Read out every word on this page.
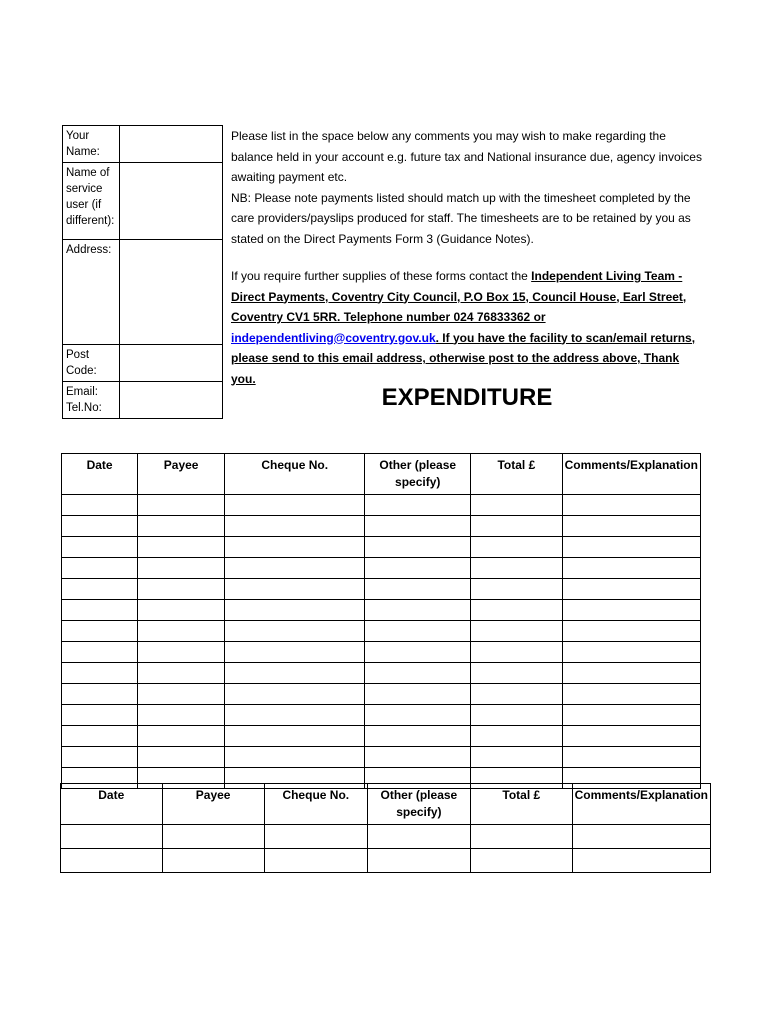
Your Name:	
Name of service user (if different):	
Address:	
Post Code:	

Email:
Tel.No:	

Please list in the space below any comments you may wish to make regarding the balance held in your account e.g. future tax and National insurance due, agency invoices awaiting payment etc.

NB: Please note payments listed should match up with the timesheet completed by the care providers/payslips produced for staff. The timesheets are to be retained by you as stated on the Direct Payments Form 3 (Guidance Notes).

If you require further supplies of these forms contact the Independent Living Team - Direct Payments, Coventry City Council, P.O Box 15, Council House, Earl Street, Coventry CV1 5RR. Telephone number 024 76833362 or independentliving@coventry.gov.uk. If you have the facility to scan/email returns, please send to this email address, otherwise post to the address above, Thank you.

EXPENDITURE
Date	Payee	Cheque No.	Other (please specify)	Total £	Comments/Explanation

Date	Payee	Cheque No.	Other (please specify)	Total £	Comments/Explanation
